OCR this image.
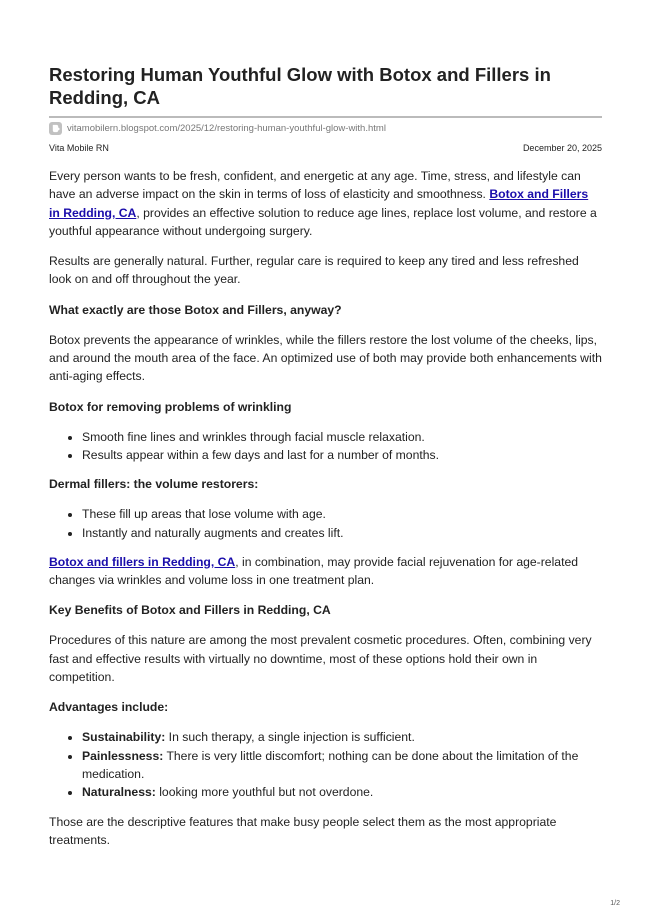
Restoring Human Youthful Glow with Botox and Fillers in Redding, CA
vitamobilern.blogspot.com/2025/12/restoring-human-youthful-glow-with.html
Vita Mobile RN	December 20, 2025

Every person wants to be fresh, confident, and energetic at any age. Time, stress, and lifestyle can have an adverse impact on the skin in terms of loss of elasticity and smoothness. Botox and Fillers in Redding, CA, provides an effective solution to reduce age lines, replace lost volume, and restore a youthful appearance without undergoing surgery.

Results are generally natural. Further, regular care is required to keep any tired and less refreshed look on and off throughout the year.

What exactly are those Botox and Fillers, anyway?

Botox prevents the appearance of wrinkles, while the fillers restore the lost volume of the cheeks, lips, and around the mouth area of the face. An optimized use of both may provide both enhancements with anti-aging effects.

Botox for removing problems of wrinkling
• Smooth fine lines and wrinkles through facial muscle relaxation.
• Results appear within a few days and last for a number of months.
Dermal fillers: the volume restorers:
• These fill up areas that lose volume with age.
• Instantly and naturally augments and creates lift.

Botox and fillers in Redding, CA, in combination, may provide facial rejuvenation for age-related changes via wrinkles and volume loss in one treatment plan.

Key Benefits of Botox and Fillers in Redding, CA

Procedures of this nature are among the most prevalent cosmetic procedures. Often, combining very fast and effective results with virtually no downtime, most of these options hold their own in competition.

Advantages include:
• Sustainability: In such therapy, a single injection is sufficient.
• Painlessness: There is very little discomfort; nothing can be done about the limitation of the medication.
• Naturalness: looking more youthful but not overdone.

Those are the descriptive features that make busy people select them as the most appropriate treatments.

1/2
